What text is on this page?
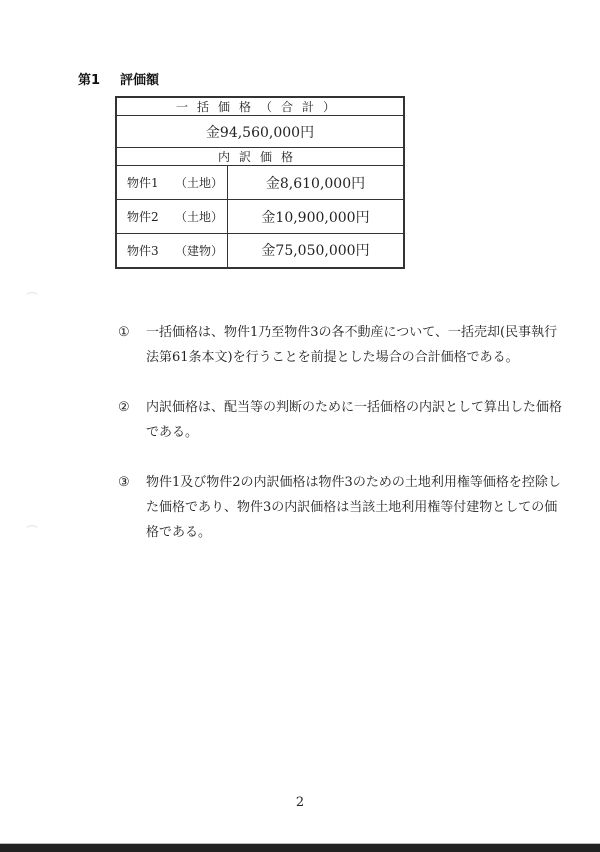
第1 評価額
一括価格（合計）	
金94,560,000円	
内訳価格	
物件1 （土地）	金8,610,000円
物件2 （土地）	金10,900,000円
物件3 （建物）	金75,050,000円
①	一括価格は、物件1乃至物件3の各不動産について、一括売却(民事執行法第61条本文)を行うことを前提とした場合の合計価格である。
②	内訳価格は、配当等の判断のために一括価格の内訳として算出した価格である。
③	物件1及び物件2の内訳価格は物件3のための土地利用権等価格を控除した価格であり、物件3の内訳価格は当該土地利用権等付建物としての価格である。
2
